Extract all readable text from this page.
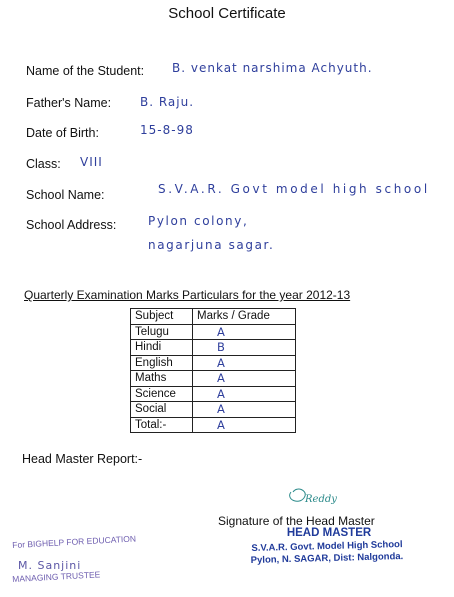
School Certificate
Name of the Student: B. venkat narshima Achyuth.
Father's Name: B. Raju.
Date of Birth:	15-8-98
Class: VIII
School Name:	S.V.A.R. Govt model high school
School Address:	Pylon colony,
nagarjuna sagar.
Quarterly Examination Marks Particulars for the year 2012-13
Subject	Marks / Grade
Telugu	A
Hindi	B
English	A
Maths	A
Science	A
Social	A
Total:-	A
Head Master Report:-
Reddy
Signature of the Head Master
HEAD MASTER
S.V.A.R. Govt. Model High School
Pylon, N. SAGAR, Dist: Nalgonda.
For BIGHELP FOR EDUCATION
M. Sanjini
MANAGING TRUSTEE
